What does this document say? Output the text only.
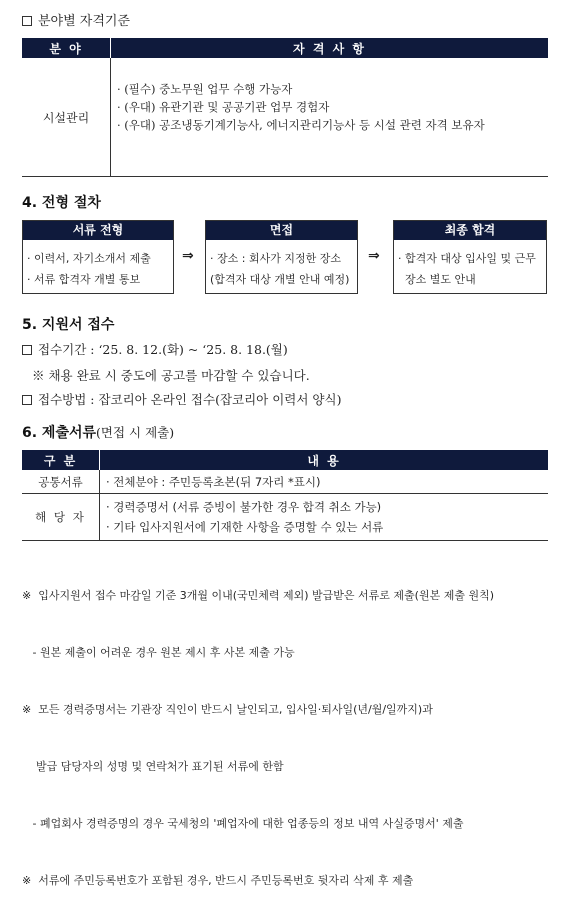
분야별 자격기준
분 야	자 격 사 항
시설관리	· (필수) 중노무원 업무 수행 가능자
· (우대) 유관기관 및 공공기관 업무 경험자
· (우대) 공조냉동기계기능사, 에너지관리기능사 등 시설 관련 자격 보유자
4. 전형 절차
서류 전형
· 이력서, 자기소개서 제출
· 서류 합격자 개별 통보
⇒
면접
· 장소 : 회사가 지정한 장소
(합격자 대상 개별 안내 예정)
⇒
최종 합격
· 합격자 대상 입사일 및 근무
장소 별도 안내
5. 지원서 접수
접수기간 : ‘25. 8. 12.(화) ~ ‘25. 8. 18.(월)
※ 채용 완료 시 중도에 공고를 마감할 수 있습니다.
접수방법 : 잡코리아 온라인 접수(잡코리아 이력서 양식)
6. 제출서류(면접 시 제출)
구 분	내 용
공통서류	· 전체분야 : 주민등록초본(뒤 7자리 *표시)
해 당 자	· 경력증명서 (서류 증빙이 불가한 경우 합격 취소 가능)
· 기타 입사지원서에 기재한 사항을 증명할 수 있는 서류

※  입사지원서 접수 마감일 기준 3개월 이내(국민체력 제외) 발급받은 서류로 제출(원본 제출 원칙)

- 원본 제출이 어려운 경우 원본 제시 후 사본 제출 가능

※  모든 경력증명서는 기관장 직인이 반드시 날인되고, 입사일·퇴사일(년/월/일까지)과

발급 담당자의 성명 및 연락처가 표기된 서류에 한함

- 폐업회사 경력증명의 경우 국세청의 '폐업자에 대한 업종등의 정보 내역 사실증명서' 제출

※  서류에 주민등록번호가 포함된 경우, 반드시 주민등록번호 뒷자리 삭제 후 제출
